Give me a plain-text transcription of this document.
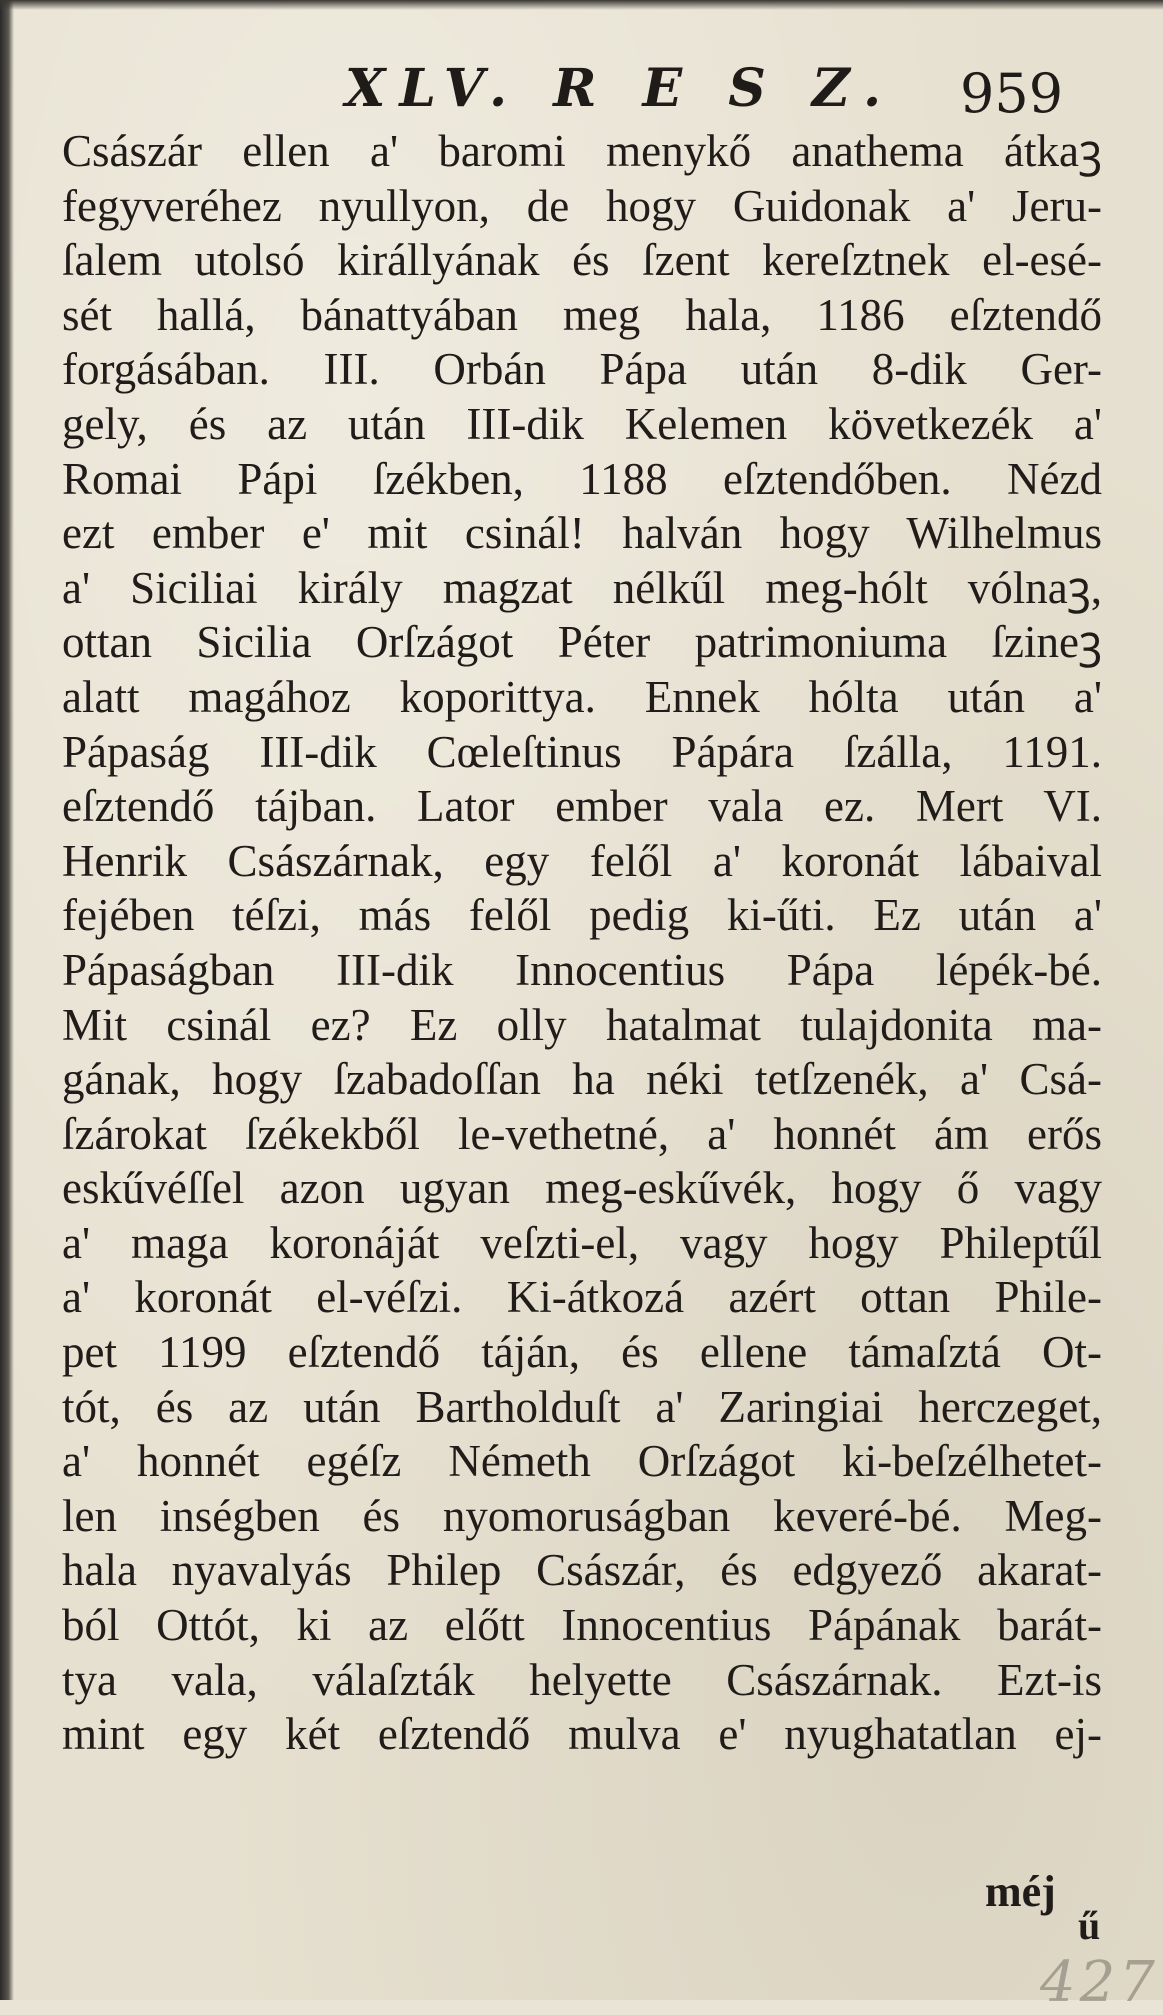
XLV. R E S Z. 959
Császár ellen a' baromi menykő anathema átkaꝫ
fegyveréhez nyullyon, de hogy Guidonak a' Jeru-
ſalem utolsó királlyának és ſzent kereſztnek el-esé-
sét hallá, bánattyában meg hala, 1186 eſztendő
forgásában. III. Orbán Pápa után 8-dik Ger-
gely, és az után III-dik Kelemen következék a'
Romai Pápi ſzékben, 1188 eſztendőben. Nézd
ezt ember e' mit csinál! halván hogy Wilhelmus
a' Siciliai király magzat nélkűl meg-hólt vólnaꝫ,
ottan Sicilia Orſzágot Péter patrimoniuma ſzineꝫ
alatt magához koporittya. Ennek hólta után a'
Pápaság III-dik Cœleſtinus Pápára ſzálla, 1191.
eſztendő tájban. Lator ember vala ez. Mert VI.
Henrik Császárnak, egy felől a' koronát lábaival
fejében téſzi, más felől pedig ki-űti. Ez után a'
Pápaságban III-dik Innocentius Pápa lépék-bé.
Mit csinál ez? Ez olly hatalmat tulajdonita ma-
gának, hogy ſzabadoſſan ha néki tetſzenék, a' Csá-
ſzárokat ſzékekből le-vethetné, a' honnét ám erős
eskűvéſſel azon ugyan meg-eskűvék, hogy ő vagy
a' maga koronáját veſzti-el, vagy hogy Phileptűl
a' koronát el-véſzi. Ki-átkozá azért ottan Phile-
pet 1199 eſztendő táján, és ellene támaſztá Ot-
tót, és az után Bartholduſt a' Zaringiai herczeget,
a' honnét egéſz Németh Orſzágot ki-beſzélhetet-
len inségben és nyomoruságban keveré-bé. Meg-
hala nyavalyás Philep Császár, és edgyező akarat-
ból Ottót, ki az előtt Innocentius Pápának barát-
tya vala, válaſzták helyette Császárnak. Ezt-is
mint egy két eſztendő mulva e' nyughatatlan ej-
méj
ű
427
